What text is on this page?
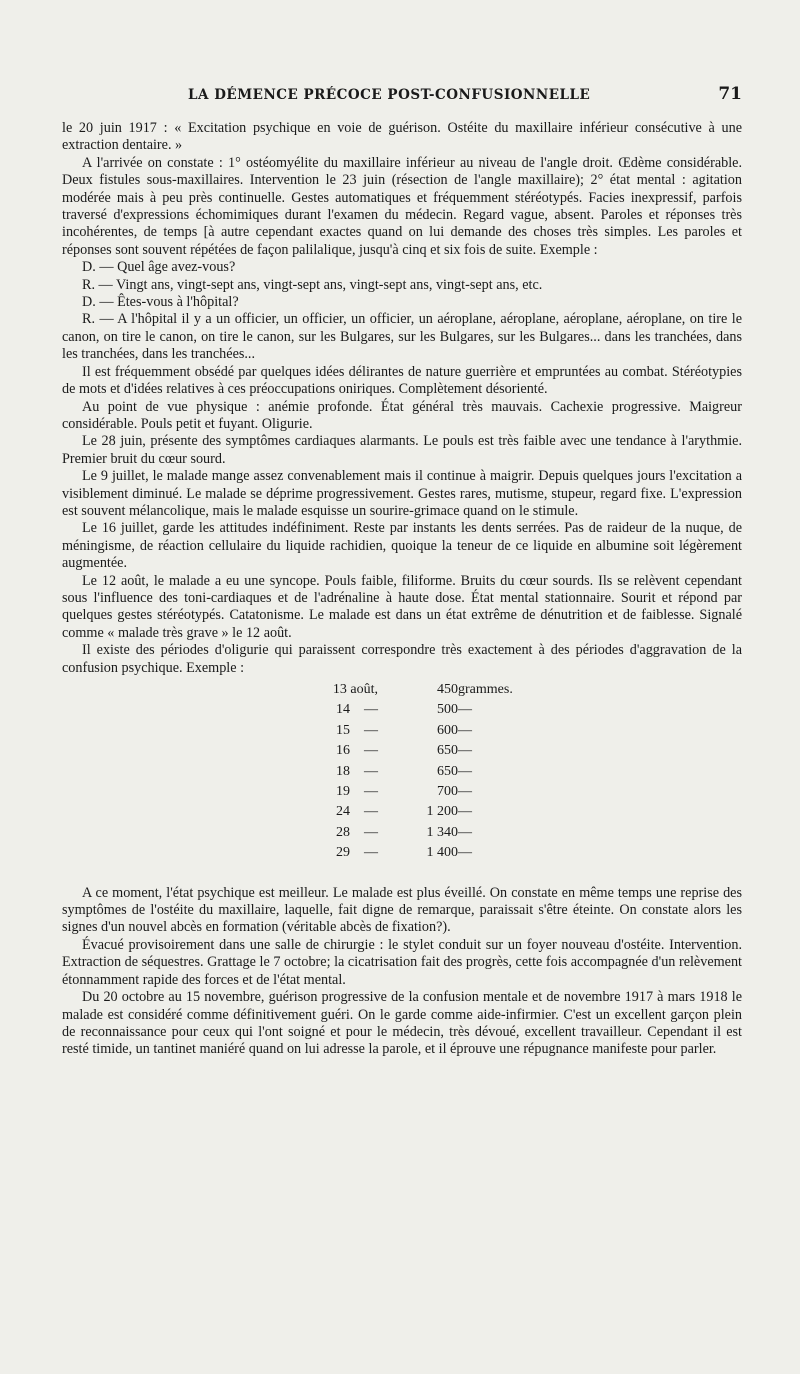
LA DÉMENCE PRÉCOCE POST-CONFUSIONNELLE	71

le 20 juin 1917 : « Excitation psychique en voie de guérison. Ostéite du maxillaire inférieur consécutive à une extraction dentaire. »

A l'arrivée on constate : 1° ostéomyélite du maxillaire inférieur au niveau de l'angle droit. Œdème considérable. Deux fistules sous-maxillaires. Intervention le 23 juin (résection de l'angle maxillaire); 2° état mental : agitation modérée mais à peu près continuelle. Gestes automatiques et fréquemment stéréotypés. Facies inexpressif, parfois traversé d'expressions échomimiques durant l'examen du médecin. Regard vague, absent. Paroles et réponses très incohérentes, de temps [à autre cependant exactes quand on lui demande des choses très simples. Les paroles et réponses sont souvent répétées de façon palilalique, jusqu'à cinq et six fois de suite. Exemple :

D. — Quel âge avez-vous?

R. — Vingt ans, vingt-sept ans, vingt-sept ans, vingt-sept ans, vingt-sept ans, etc.

D. — Êtes-vous à l'hôpital?

R. — A l'hôpital il y a un officier, un officier, un officier, un aéroplane, aéroplane, aéroplane, aéroplane, on tire le canon, on tire le canon, on tire le canon, sur les Bulgares, sur les Bulgares, sur les Bulgares... dans les tranchées, dans les tranchées, dans les tranchées...

Il est fréquemment obsédé par quelques idées délirantes de nature guerrière et empruntées au combat. Stéréotypies de mots et d'idées relatives à ces préoccupations oniriques. Complètement désorienté.

Au point de vue physique : anémie profonde. État général très mauvais. Cachexie progressive. Maigreur considérable. Pouls petit et fuyant. Oligurie.

Le 28 juin, présente des symptômes cardiaques alarmants. Le pouls est très faible avec une tendance à l'arythmie. Premier bruit du cœur sourd.

Le 9 juillet, le malade mange assez convenablement mais il continue à maigrir. Depuis quelques jours l'excitation a visiblement diminué. Le malade se déprime progressivement. Gestes rares, mutisme, stupeur, regard fixe. L'expression est souvent mélancolique, mais le malade esquisse un sourire-grimace quand on le stimule.

Le 16 juillet, garde les attitudes indéfiniment. Reste par instants les dents serrées. Pas de raideur de la nuque, de méningisme, de réaction cellulaire du liquide rachidien, quoique la teneur de ce liquide en albumine soit légèrement augmentée.

Le 12 août, le malade a eu une syncope. Pouls faible, filiforme. Bruits du cœur sourds. Ils se relèvent cependant sous l'influence des toni-cardiaques et de l'adrénaline à haute dose. État mental stationnaire. Sourit et répond par quelques gestes stéréotypés. Catatonisme. Le malade est dans un état extrême de dénutrition et de faiblesse. Signalé comme « malade très grave » le 12 août.

Il existe des périodes d'oligurie qui paraissent correspondre très exactement à des périodes d'aggravation de la confusion psychique. Exemple :

13 août,	450	grammes.
14 —	500	—
15 —	600	—
16 —	650	—
18 —	650	—
19 —	700	—
24 —	1 200	—
28 —	1 340	—
29 —	1 400	—

A ce moment, l'état psychique est meilleur. Le malade est plus éveillé. On constate en même temps une reprise des symptômes de l'ostéite du maxillaire, laquelle, fait digne de remarque, paraissait s'être éteinte. On constate alors les signes d'un nouvel abcès en formation (véritable abcès de fixation?).

Évacué provisoirement dans une salle de chirurgie : le stylet conduit sur un foyer nouveau d'ostéite. Intervention. Extraction de séquestres. Grattage le 7 octobre; la cicatrisation fait des progrès, cette fois accompagnée d'un relèvement étonnamment rapide des forces et de l'état mental.

Du 20 octobre au 15 novembre, guérison progressive de la confusion mentale et de novembre 1917 à mars 1918 le malade est considéré comme définitivement guéri. On le garde comme aide-infirmier. C'est un excellent garçon plein de reconnaissance pour ceux qui l'ont soigné et pour le médecin, très dévoué, excellent travailleur. Cependant il est resté timide, un tantinet maniéré quand on lui adresse la parole, et il éprouve une répugnance manifeste pour parler.
